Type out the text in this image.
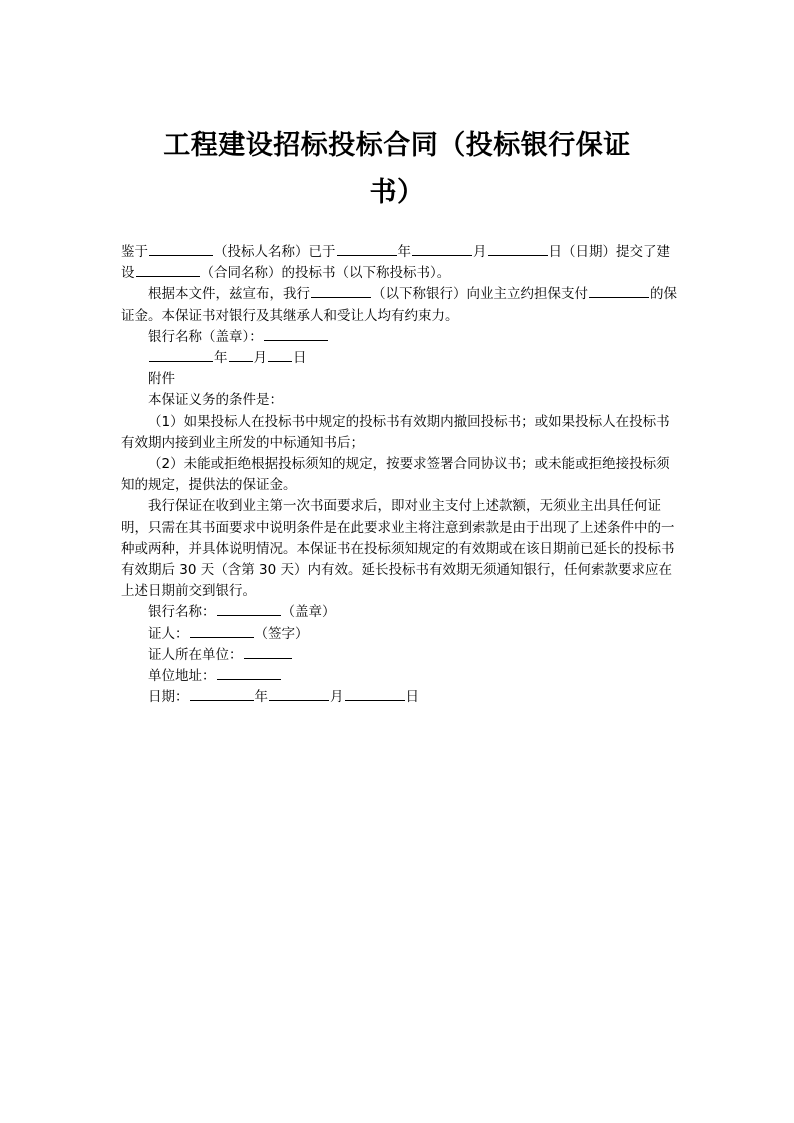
工程建设招标投标合同（投标银行保证
书）

鉴于	（投标人名称）已于	年	月	日（日期）提交了建设	（合同名称）的投标书（以下称投标书）。

根据本文件，兹宣布，我行	（以下称银行）向业主立约担保支付	的保证金。本保证书对银行及其继承人和受让人均有约束力。

银行名称（盖章）：

年 月 日

附件

本保证义务的条件是：

（1）如果投标人在投标书中规定的投标书有效期内撤回投标书；或如果投标人在投标书有效期内接到业主所发的中标通知书后；

（2）未能或拒绝根据投标须知的规定，按要求签署合同协议书；或未能或拒绝接投标须知的规定，提供法的保证金。

我行保证在收到业主第一次书面要求后，即对业主支付上述款额，无须业主出具任何证明，只需在其书面要求中说明条件是在此要求业主将注意到索款是由于出现了上述条件中的一种或两种，并具体说明情况。本保证书在投标须知规定的有效期或在该日期前已延长的投标书有效期后 30 天（含第 30 天）内有效。延长投标书有效期无须通知银行，任何索款要求应在上述日期前交到银行。

银行名称：	（盖章）

证人：	（签字）

证人所在单位：

单位地址：

日期：	年	月	日
